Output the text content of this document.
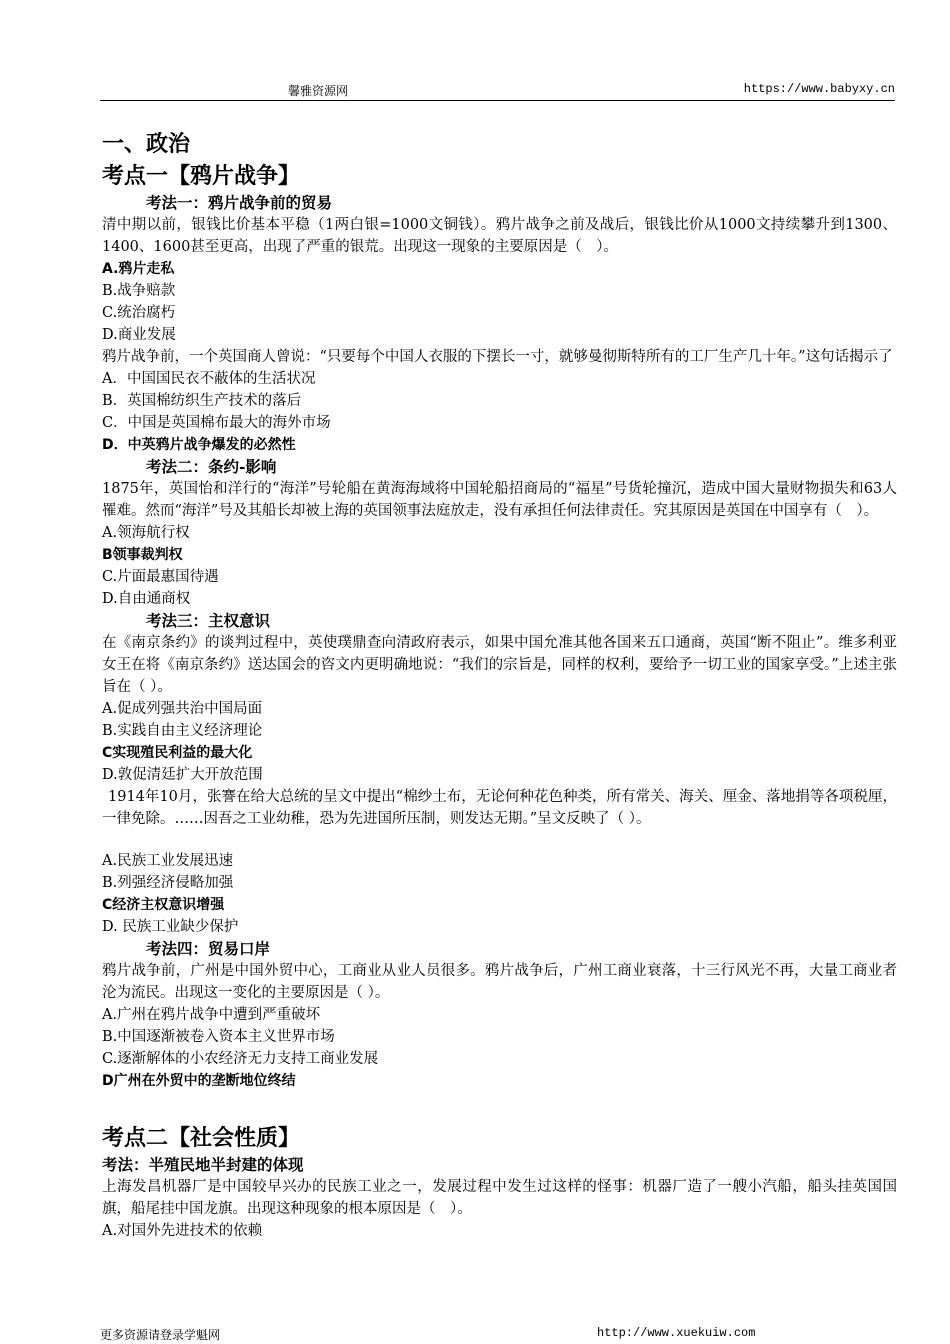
馨雅资源网	https://www.babyxy.cn
一、政治
考点一【鸦片战争】
考法一：鸦片战争前的贸易

清中期以前，银钱比价基本平稳（1两白银=1000文铜钱）。鸦片战争之前及战后，银钱比价从1000文持续攀升到1300、1400、1600甚至更高，出现了严重的银荒。出现这一现象的主要原因是（　）。

A.鸦片走私

B.战争赔款

C.统治腐朽

D.商业发展

鸦片战争前，一个英国商人曾说：“只要每个中国人衣服的下摆长一寸，就够曼彻斯特所有的工厂生产几十年。”这句话揭示了

A．中国国民衣不蔽体的生活状况

B．英国棉纺织生产技术的落后

C．中国是英国棉布最大的海外市场

D．中英鸦片战争爆发的必然性

考法二：条约-影响

1875年，英国怡和洋行的“海洋”号轮船在黄海海域将中国轮船招商局的“福星”号货轮撞沉，造成中国大量财物损失和63人罹难。然而“海洋”号及其船长却被上海的英国领事法庭放走，没有承担任何法律责任。究其原因是英国在中国享有（　）。

A.领海航行权

B领事裁判权

C.片面最惠国待遇

D.自由通商权

考法三：主权意识

在《南京条约》的谈判过程中，英使璞鼎查向清政府表示，如果中国允准其他各国来五口通商，英国“断不阻止”。维多利亚女王在将《南京条约》送达国会的咨文内更明确地说：“我们的宗旨是，同样的权利，要给予一切工业的国家享受。”上述主张旨在（ ）。

A.促成列强共治中国局面

B.实践自由主义经济理论

C实现殖民利益的最大化

D.敦促清廷扩大开放范围

1914年10月，张謇在给大总统的呈文中提出“棉纱土布，无论何种花色种类，所有常关、海关、厘金、落地捐等各项税厘，一律免除。……因吾之工业幼稚，恐为先进国所压制，则发达无期。”呈文反映了（ ）。

A.民族工业发展迅速

B.列强经济侵略加强

C经济主权意识增强

D. 民族工业缺少保护

考法四：贸易口岸

鸦片战争前，广州是中国外贸中心，工商业从业人员很多。鸦片战争后，广州工商业衰落，十三行风光不再，大量工商业者沦为流民。出现这一变化的主要原因是（ ）。

A.广州在鸦片战争中遭到严重破坏

B.中国逐渐被卷入资本主义世界市场

C.逐渐解体的小农经济无力支持工商业发展

D广州在外贸中的垄断地位终结

考点二【社会性质】
考法：半殖民地半封建的体现

上海发昌机器厂是中国较早兴办的民族工业之一，发展过程中发生过这样的怪事：机器厂造了一艘小汽船，船头挂英国国旗，船尾挂中国龙旗。出现这种现象的根本原因是（　）。

A.对国外先进技术的依赖

更多资源请登录学魁网	http://www.xuekuiw.com
